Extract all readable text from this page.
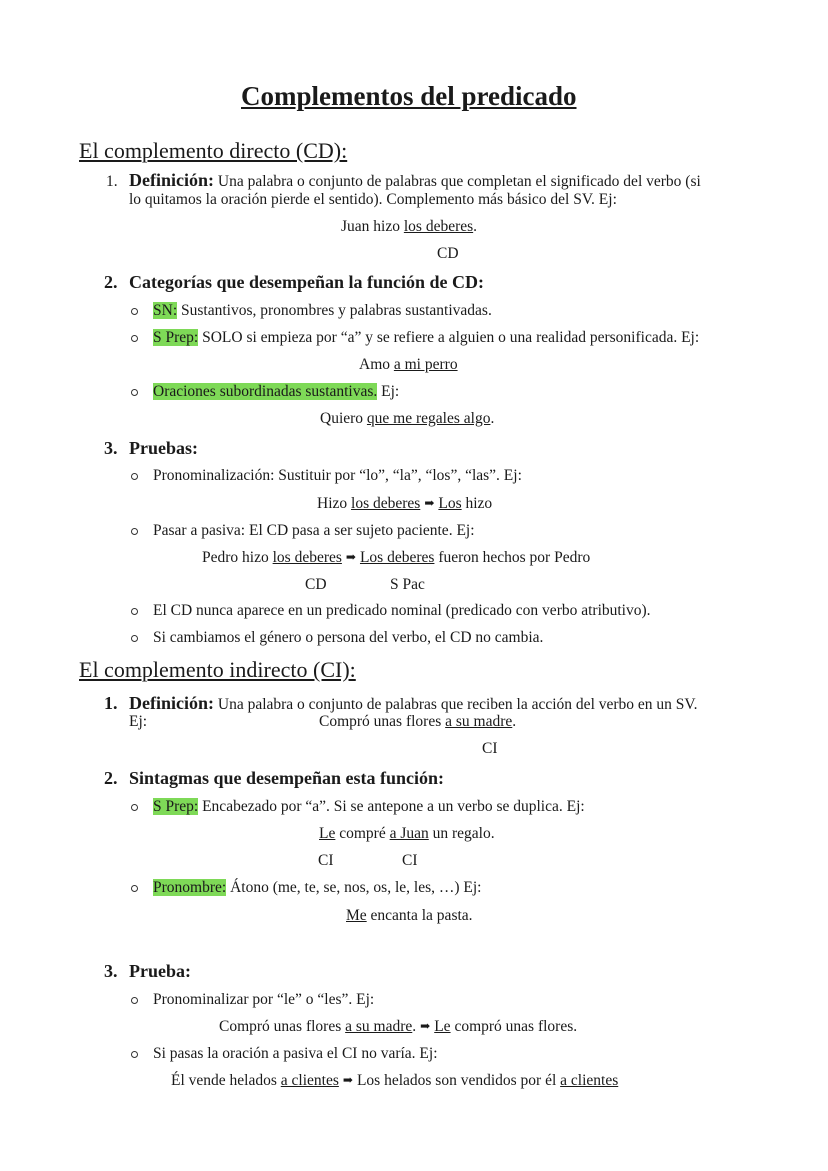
Complementos del predicado
El complemento directo (CD):
1. Definición: Una palabra o conjunto de palabras que completan el significado del verbo (si
lo quitamos la oración pierde el sentido). Complemento más básico del SV. Ej:
Juan hizo los deberes.
CD
2. Categorías que desempeñan la función de CD:
SN: Sustantivos, pronombres y palabras sustantivadas.
S Prep: SOLO si empieza por “a” y se refiere a alguien o una realidad personificada. Ej:
Amo a mi perro
Oraciones subordinadas sustantivas. Ej:
Quiero que me regales algo.
3. Pruebas:
Pronominalización: Sustituir por “lo”, “la”, “los”, “las”. Ej:
Hizo los deberes ➡ Los hizo
Pasar a pasiva: El CD pasa a ser sujeto paciente. Ej:
Pedro hizo los deberes ➡ Los deberes fueron hechos por Pedro
CD	S Pac
El CD nunca aparece en un predicado nominal (predicado con verbo atributivo).
Si cambiamos el género o persona del verbo, el CD no cambia.
El complemento indirecto (CI):
1. Definición: Una palabra o conjunto de palabras que reciben la acción del verbo en un SV.
Ej:	Compró unas flores a su madre.
CI
2. Sintagmas que desempeñan esta función:
S Prep: Encabezado por “a”. Si se antepone a un verbo se duplica. Ej:
Le compré a Juan un regalo.
CI	CI
Pronombre: Átono (me, te, se, nos, os, le, les, …) Ej:
Me encanta la pasta.
3. Prueba:
Pronominalizar por “le” o “les”. Ej:
Compró unas flores a su madre. ➡ Le compró unas flores.
Si pasas la oración a pasiva el CI no varía. Ej:
Él vende helados a clientes ➡ Los helados son vendidos por él a clientes
